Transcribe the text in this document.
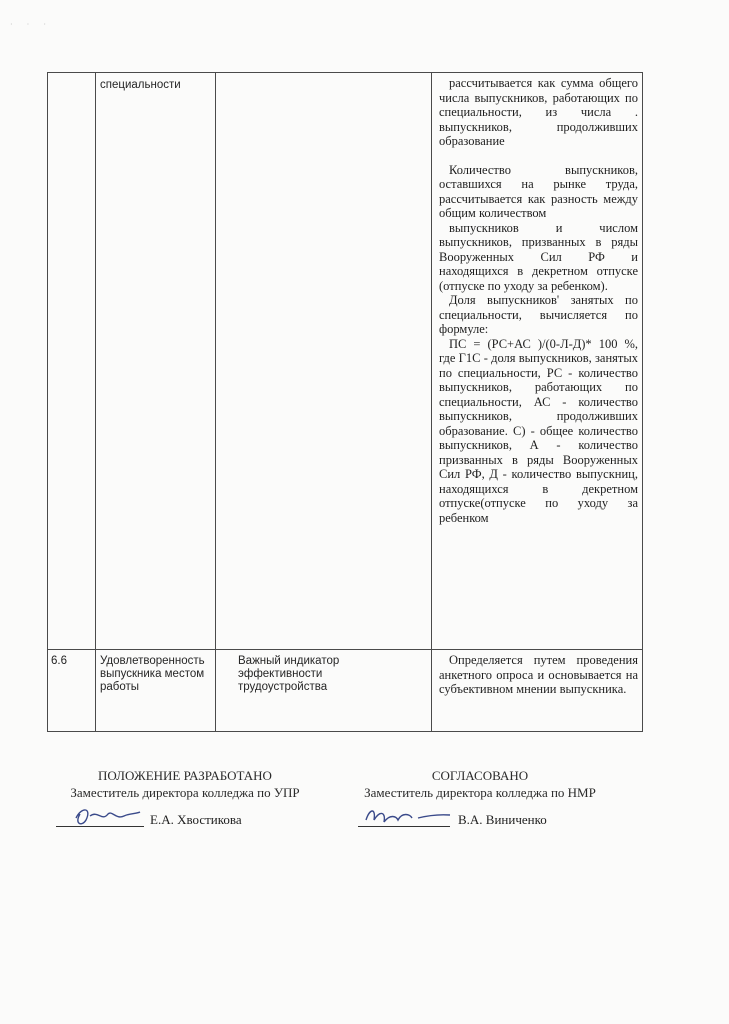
· · ·
специальности	рассчитывается как сумма общего числа выпускников, работающих по специальности, из числа . выпускников, продолживших образование

Количество выпускников, оставшихся на рынке труда, рассчитывается как разность между общим количеством

выпускников и числом выпускников, призванных в ряды Вооруженных Сил РФ и находящихся в декретном отпуске (отпуске по уходу за ребенком).

Доля выпускников' занятых по специальности, вычисляется по формуле:

ПС = (РС+АС )/(0-Л-Д)* 100 %, где Г1С - доля выпускников, занятых по специальности, РС - количество выпускников, работающих по специальности, АС - количество выпускников, продолживших образование. С) - общее количество выпускников, А - количество призванных в ряды Вооруженных Сил РФ, Д - количество выпускниц, находящихся в декретном отпуске(отпуске по уходу за ребенком

6.6	Удовлетворенность выпускника местом работы
Важный индикатор эффективности трудоустройства

Определяется путем проведения анкетного опроса и основывается на субъективном мнении выпускника.

ПОЛОЖЕНИЕ РАЗРАБОТАНО
Заместитель директора колледжа по УПР
Е.А. Хвостикова
СОГЛАСОВАНО
Заместитель директора колледжа по НМР
В.А. Виниченко
